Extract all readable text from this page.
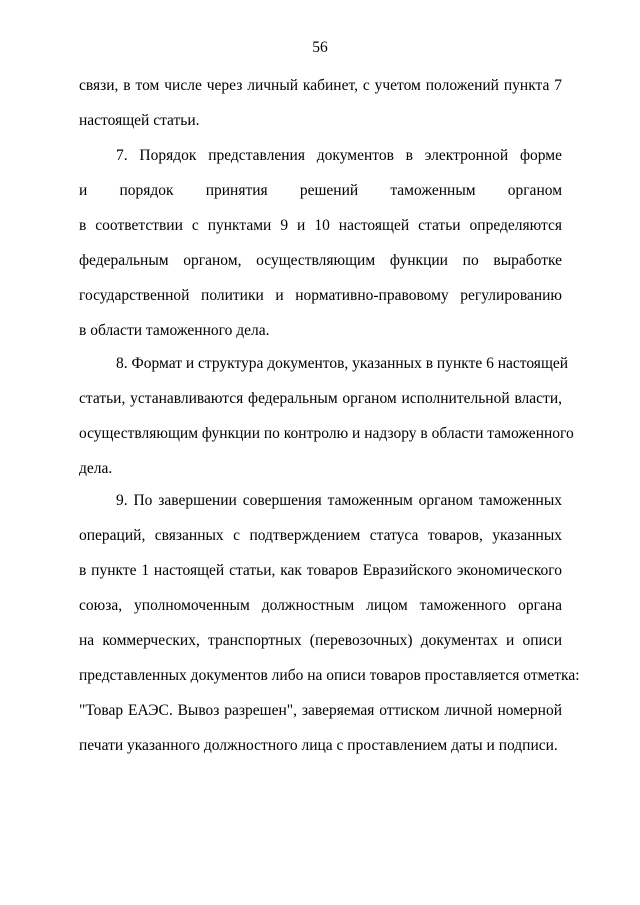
56
связи, в том числе через личный кабинет, с учетом положений пункта 7
настоящей статьи.
7. Порядок представления документов в электронной форме
и порядок принятия решений таможенным органом
в соответствии с пунктами 9 и 10 настоящей статьи определяются
федеральным органом, осуществляющим функции по выработке
государственной политики и нормативно-правовому регулированию
в области таможенного дела.
8. Формат и структура документов, указанных в пункте 6 настоящей
статьи, устанавливаются федеральным органом исполнительной власти,
осуществляющим функции по контролю и надзору в области таможенного
дела.
9. По завершении совершения таможенным органом таможенных
операций, связанных с подтверждением статуса товаров, указанных
в пункте 1 настоящей статьи, как товаров Евразийского экономического
союза, уполномоченным должностным лицом таможенного органа
на коммерческих, транспортных (перевозочных) документах и описи
представленных документов либо на описи товаров проставляется отметка:
"Товар ЕАЭС. Вывоз разрешен", заверяемая оттиском личной номерной
печати указанного должностного лица с проставлением даты и подписи.
